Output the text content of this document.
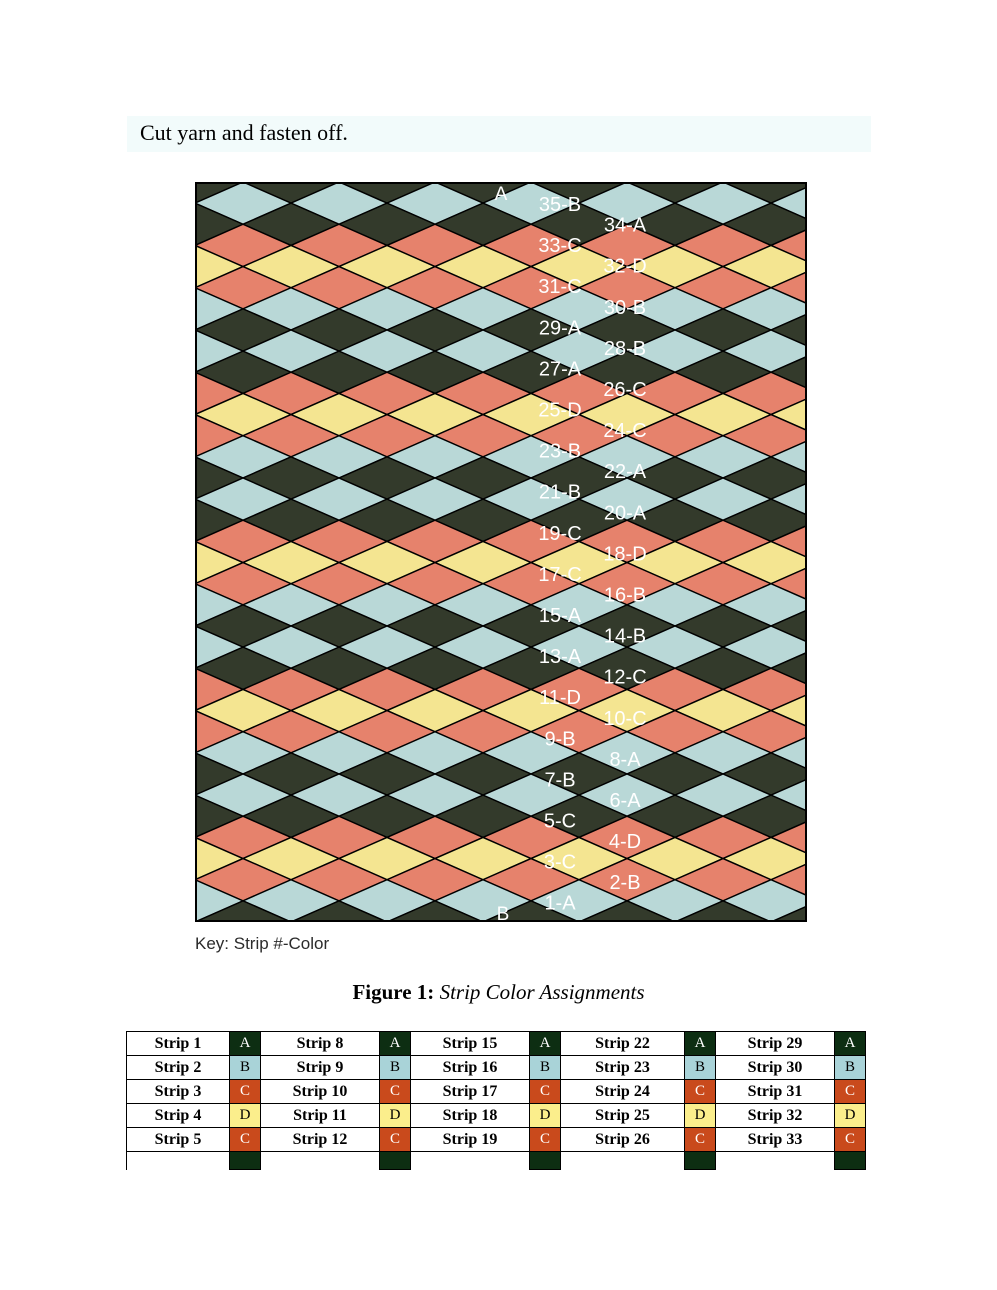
Cut yarn and fasten off.
35-B
34-A
33-C
32-D
31-C
30-B
29-A
28-B
27-A
26-C
25-D
24-C
23-B
22-A
21-B
20-A
19-C
18-D
17-C
16-B
15-A
14-B
13-A
12-C
11-D
10-C
9-B
8-A
7-B
6-A
5-C
4-D
3-C
2-B
1-A
A
B
Key: Strip #-Color
Figure 1: Strip Color Assignments
Strip 1	A	Strip 8	A	Strip 15	A	Strip 22	A	Strip 29	A
Strip 2	B	Strip 9	B	Strip 16	B	Strip 23	B	Strip 30	B
Strip 3	C	Strip 10	C	Strip 17	C	Strip 24	C	Strip 31	C
Strip 4	D	Strip 11	D	Strip 18	D	Strip 25	D	Strip 32	D
Strip 5	C	Strip 12	C	Strip 19	C	Strip 26	C	Strip 33	C
